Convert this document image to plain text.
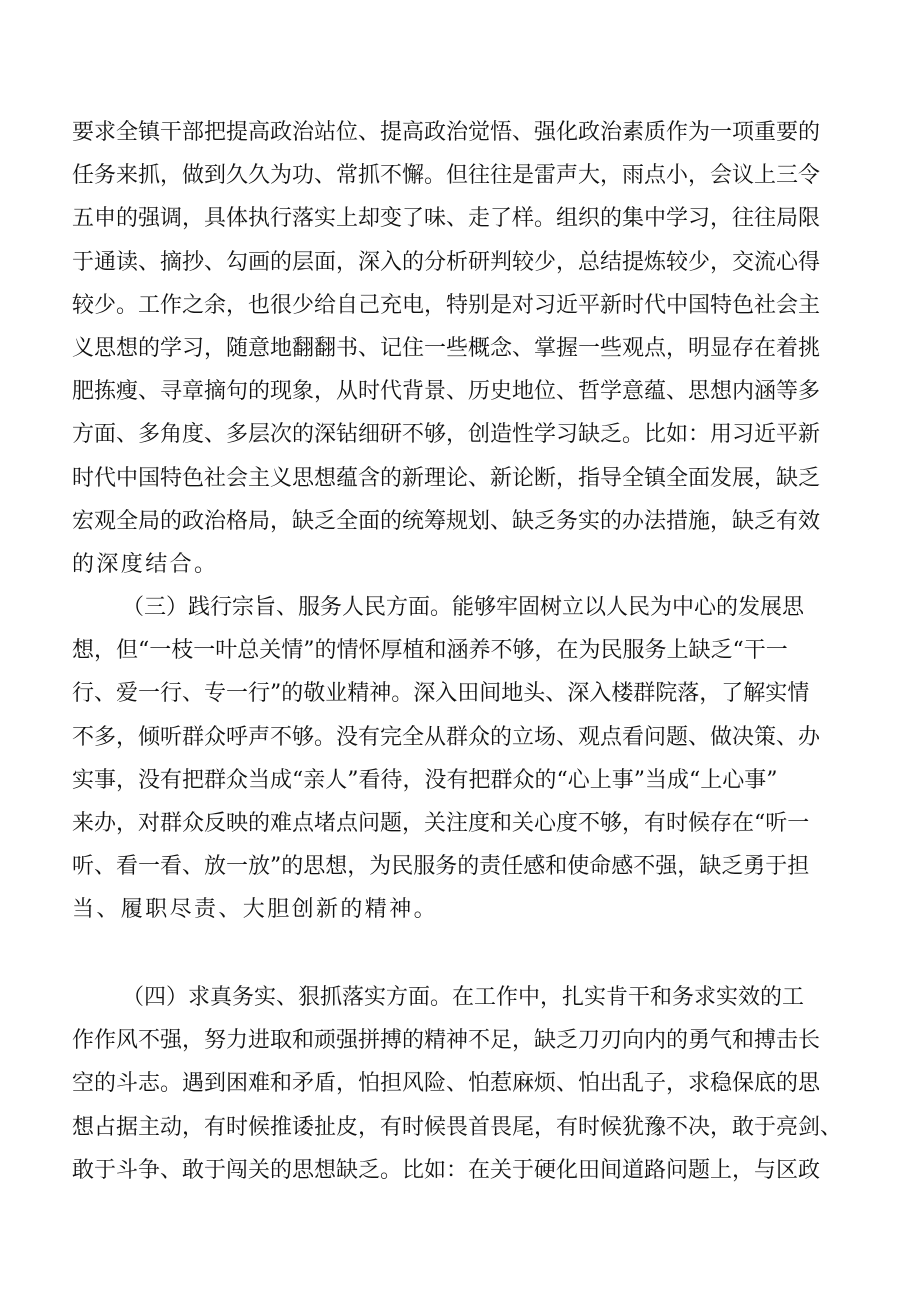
要求全镇干部把提高政治站位、提高政治觉悟、强化政治素质作为一项重要的
任务来抓，做到久久为功、常抓不懈。但往往是雷声大，雨点小，会议上三令
五申的强调，具体执行落实上却变了味、走了样。组织的集中学习，往往局限
于通读、摘抄、勾画的层面，深入的分析研判较少，总结提炼较少，交流心得
较少。工作之余，也很少给自己充电，特别是对习近平新时代中国特色社会主
义思想的学习，随意地翻翻书、记住一些概念、掌握一些观点，明显存在着挑
肥拣瘦、寻章摘句的现象，从时代背景、历史地位、哲学意蕴、思想内涵等多
方面、多角度、多层次的深钻细研不够，创造性学习缺乏。比如：用习近平新
时代中国特色社会主义思想蕴含的新理论、新论断，指导全镇全面发展，缺乏
宏观全局的政治格局，缺乏全面的统筹规划、缺乏务实的办法措施，缺乏有效
的深度结合。
（三）践行宗旨、服务人民方面。能够牢固树立以人民为中心的发展思
想，但“一枝一叶总关情”的情怀厚植和涵养不够，在为民服务上缺乏“干一
行、爱一行、专一行”的敬业精神。深入田间地头、深入楼群院落，了解实情
不多，倾听群众呼声不够。没有完全从群众的立场、观点看问题、做决策、办
实事，没有把群众当成“亲人”看待，没有把群众的“心上事”当成“上心事”
来办，对群众反映的难点堵点问题，关注度和关心度不够，有时候存在“听一
听、看一看、放一放”的思想，为民服务的责任感和使命感不强，缺乏勇于担
当、履职尽责、大胆创新的精神。
（四）求真务实、狠抓落实方面。在工作中，扎实肯干和务求实效的工
作作风不强，努力进取和顽强拼搏的精神不足，缺乏刀刃向内的勇气和搏击长
空的斗志。遇到困难和矛盾，怕担风险、怕惹麻烦、怕出乱子，求稳保底的思
想占据主动，有时候推诿扯皮，有时候畏首畏尾，有时候犹豫不决，敢于亮剑、
敢于斗争、敢于闯关的思想缺乏。比如：在关于硬化田间道路问题上，与区政
